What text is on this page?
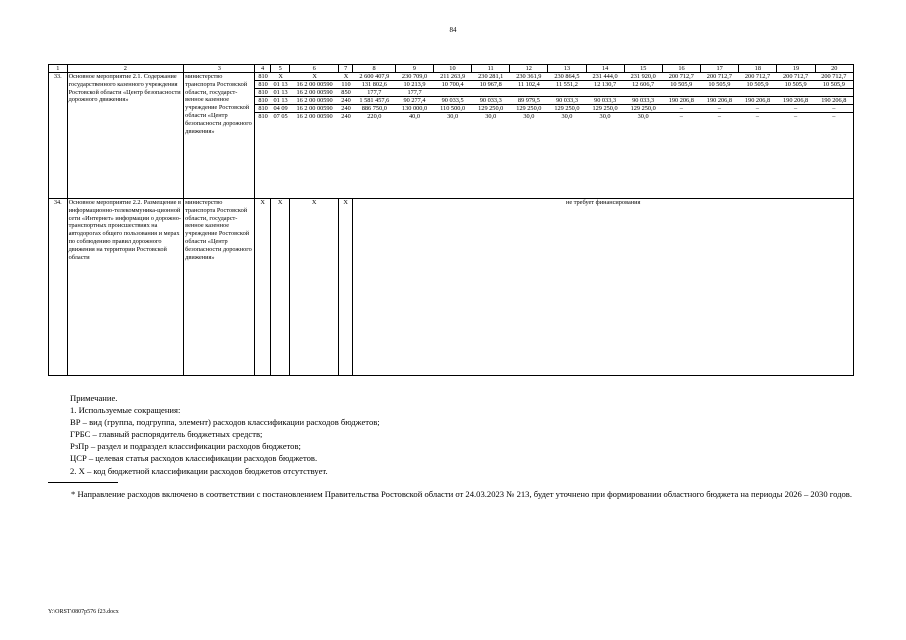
84
1	2	3	4	5	6	7	8	9	10	11	12	13	14	15	16	17	18	19	20
33.	Основное мероприятие 2.1. Содержание государственного казенного учреждения Ростовской области «Центр безопасности дорожного движения»	министерство транспорта Ростовской области, государст-венное казенное учреждение Ростовской области «Центр безопасности дорожного движения»	
810	X	X	X	2 600 407,9	230 709,0	211 263,9	230 281,1	230 361,9	230 864,5	231 444,0	231 920,0	200 712,7	200 712,7	200 712,7	200 712,7	200 712,7
810	01 13	16 2 00 00590	110	131 802,6	10 213,9	10 700,4	10 967,8	11 102,4	11 551,2	12 130,7	12 606,7	10 505,9	10 505,9	10 505,9	10 505,9	10 505,9
810	01 13	16 2 00 00590	850	177,7	177,7											
810	01 13	16 2 00 00590	240	1 581 457,6	90 277,4	90 033,5	90 033,3	89 979,5	90 033,3	90 033,3	90 033,3	190 206,8	190 206,8	190 206,8	190 206,8	190 206,8
810	04 09	16 2 00 00590	240	886 750,0	130 000,0	110 500,0	129 250,0	129 250,0	129 250,0	129 250,0	129 250,0	–	–	–	–	–
810	07 05	16 2 00 00590	240	220,0	40,0	30,0	30,0	30,0	30,0	30,0	30,0	–	–	–	–	–

34.	Основное мероприятие 2.2. Размещение в информационно-телекоммуника-ционной сети «Интернет» информации о дорожно-транспортных происшествиях на автодорогах общего пользования и мерах по соблюдению правил дорожного движения на территории Ростовской области	министерство транспорта Ростовской области, государст-венное казенное учреждение Ростовской области «Центр безопасности дорожного движения»	X	X	X	X	не требует финансирования
Примечание.
1. Используемые сокращения:
ВР – вид (группа, подгруппа, элемент) расходов классификации расходов бюджетов;
ГРБС – главный распорядитель бюджетных средств;
РзПр – раздел и подраздел классификации расходов бюджетов;
ЦСР – целевая статья расходов классификации расходов бюджетов.
2. X – код бюджетной классификации расходов бюджетов отсутствует.
* Направление расходов включено в соответствии с постановлением Правительства Ростовской области от 24.03.2023 № 213, будет уточнено при формировании областного бюджета на периоды 2026 – 2030 годов.
Y:\ORST\0807p576 f23.docx
